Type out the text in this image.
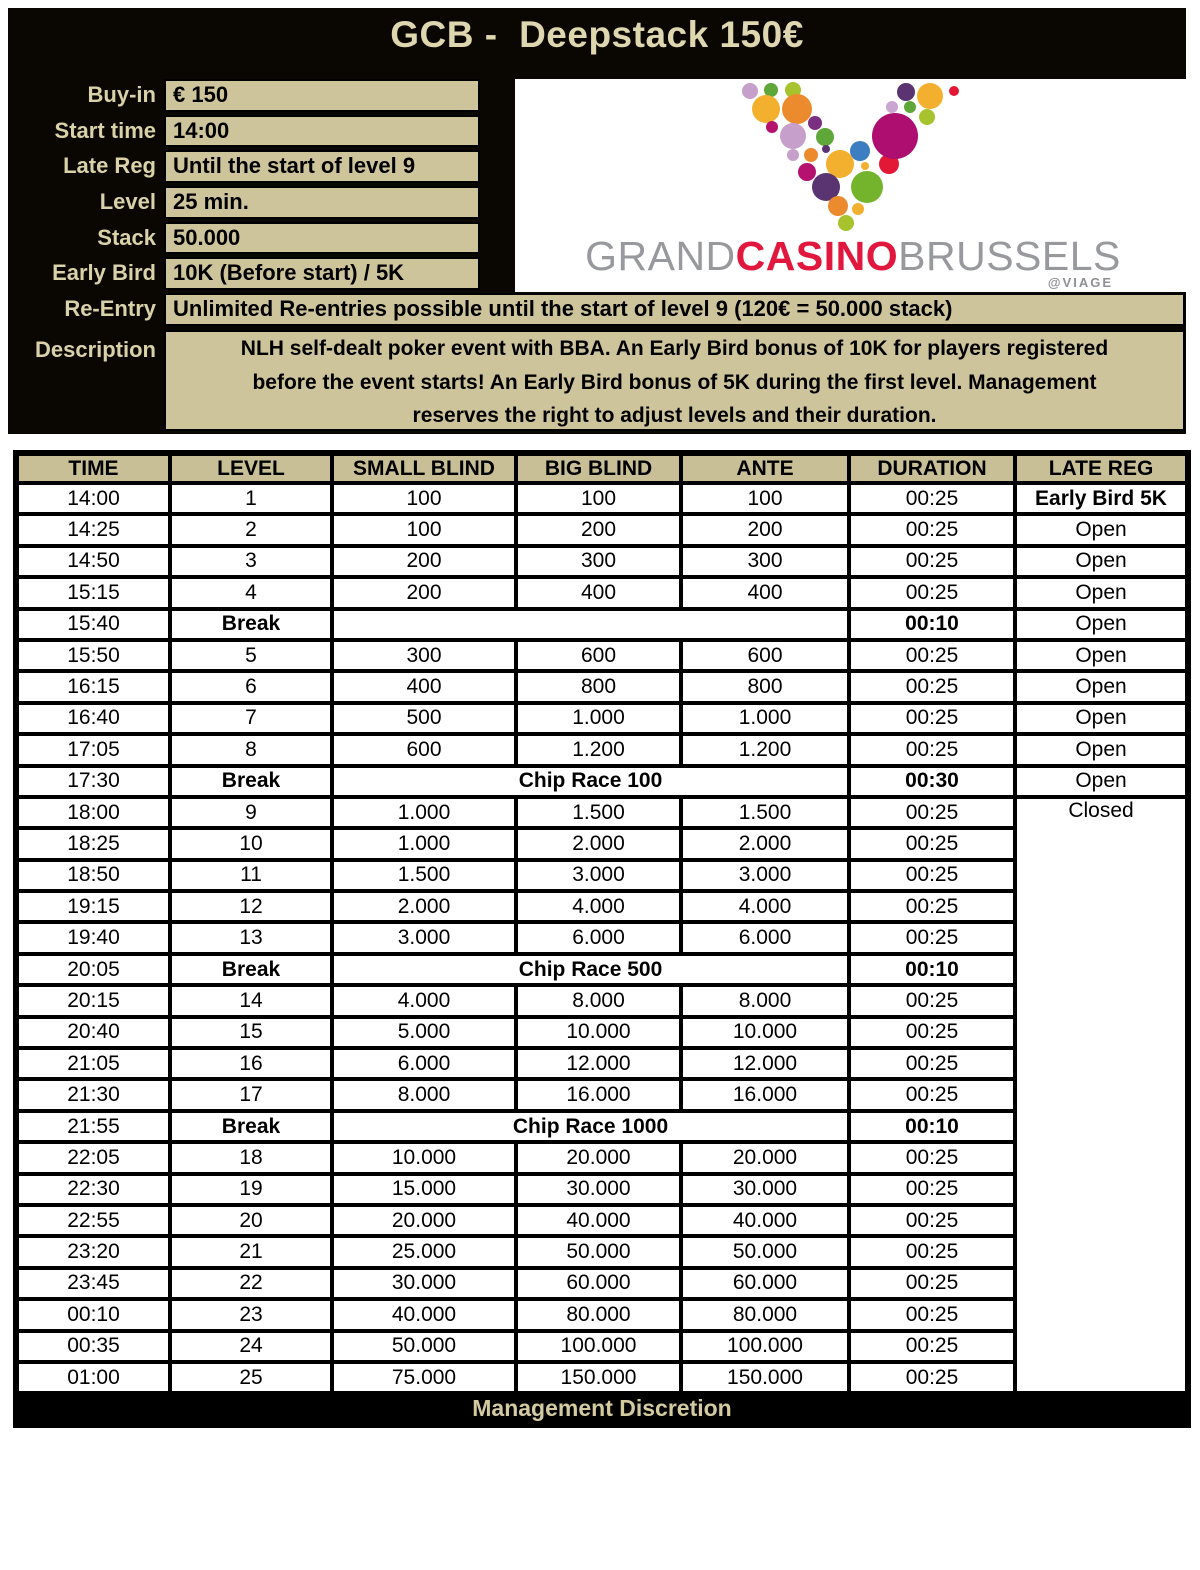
GCB -  Deepstack 150€
Buy-in € 150
Start time 14:00
Late Reg Until the start of level 9
Level 25 min.
Stack 50.000
Early Bird 10K (Before start) / 5K	GRANDCASINOBRUSSELS
@VIAGE
Re-Entry Unlimited Re-entries possible until the start of level 9 (120€ = 50.000 stack)
Description	NLH self-dealt poker event with BBA. An Early Bird bonus of 10K for players registered before the event starts! An Early Bird bonus of 5K during the first level. Management reserves the right to adjust levels and their duration.
TIME	LEVEL	SMALL BLIND	BIG BLIND	ANTE	DURATION	LATE REG
14:00	1	100	100	100	00:25	Early Bird 5K
14:25	2	100	200	200	00:25	Open
14:50	3	200	300	300	00:25	Open
15:15	4	200	400	400	00:25	Open
15:40	Break				00:10	Open
15:50	5	300	600	600	00:25	Open
16:15	6	400	800	800	00:25	Open
16:40	7	500	1.000	1.000	00:25	Open
17:05	8	600	1.200	1.200	00:25	Open
17:30	Break	Chip Race 100			00:30	Open
18:00	9	1.000	1.500	1.500	00:25	Closed
18:25	10	1.000	2.000	2.000	00:25	
18:50	11	1.500	3.000	3.000	00:25	
19:15	12	2.000	4.000	4.000	00:25	
19:40	13	3.000	6.000	6.000	00:25	
20:05	Break	Chip Race 500			00:10	
20:15	14	4.000	8.000	8.000	00:25	
20:40	15	5.000	10.000	10.000	00:25	
21:05	16	6.000	12.000	12.000	00:25	
21:30	17	8.000	16.000	16.000	00:25	
21:55	Break	Chip Race 1000			00:10	
22:05	18	10.000	20.000	20.000	00:25	
22:30	19	15.000	30.000	30.000	00:25	
22:55	20	20.000	40.000	40.000	00:25	
23:20	21	25.000	50.000	50.000	00:25	
23:45	22	30.000	60.000	60.000	00:25	
00:10	23	40.000	80.000	80.000	00:25	
00:35	24	50.000	100.000	100.000	00:25	
01:00	25	75.000	150.000	150.000	00:25	
Management Discretion						
